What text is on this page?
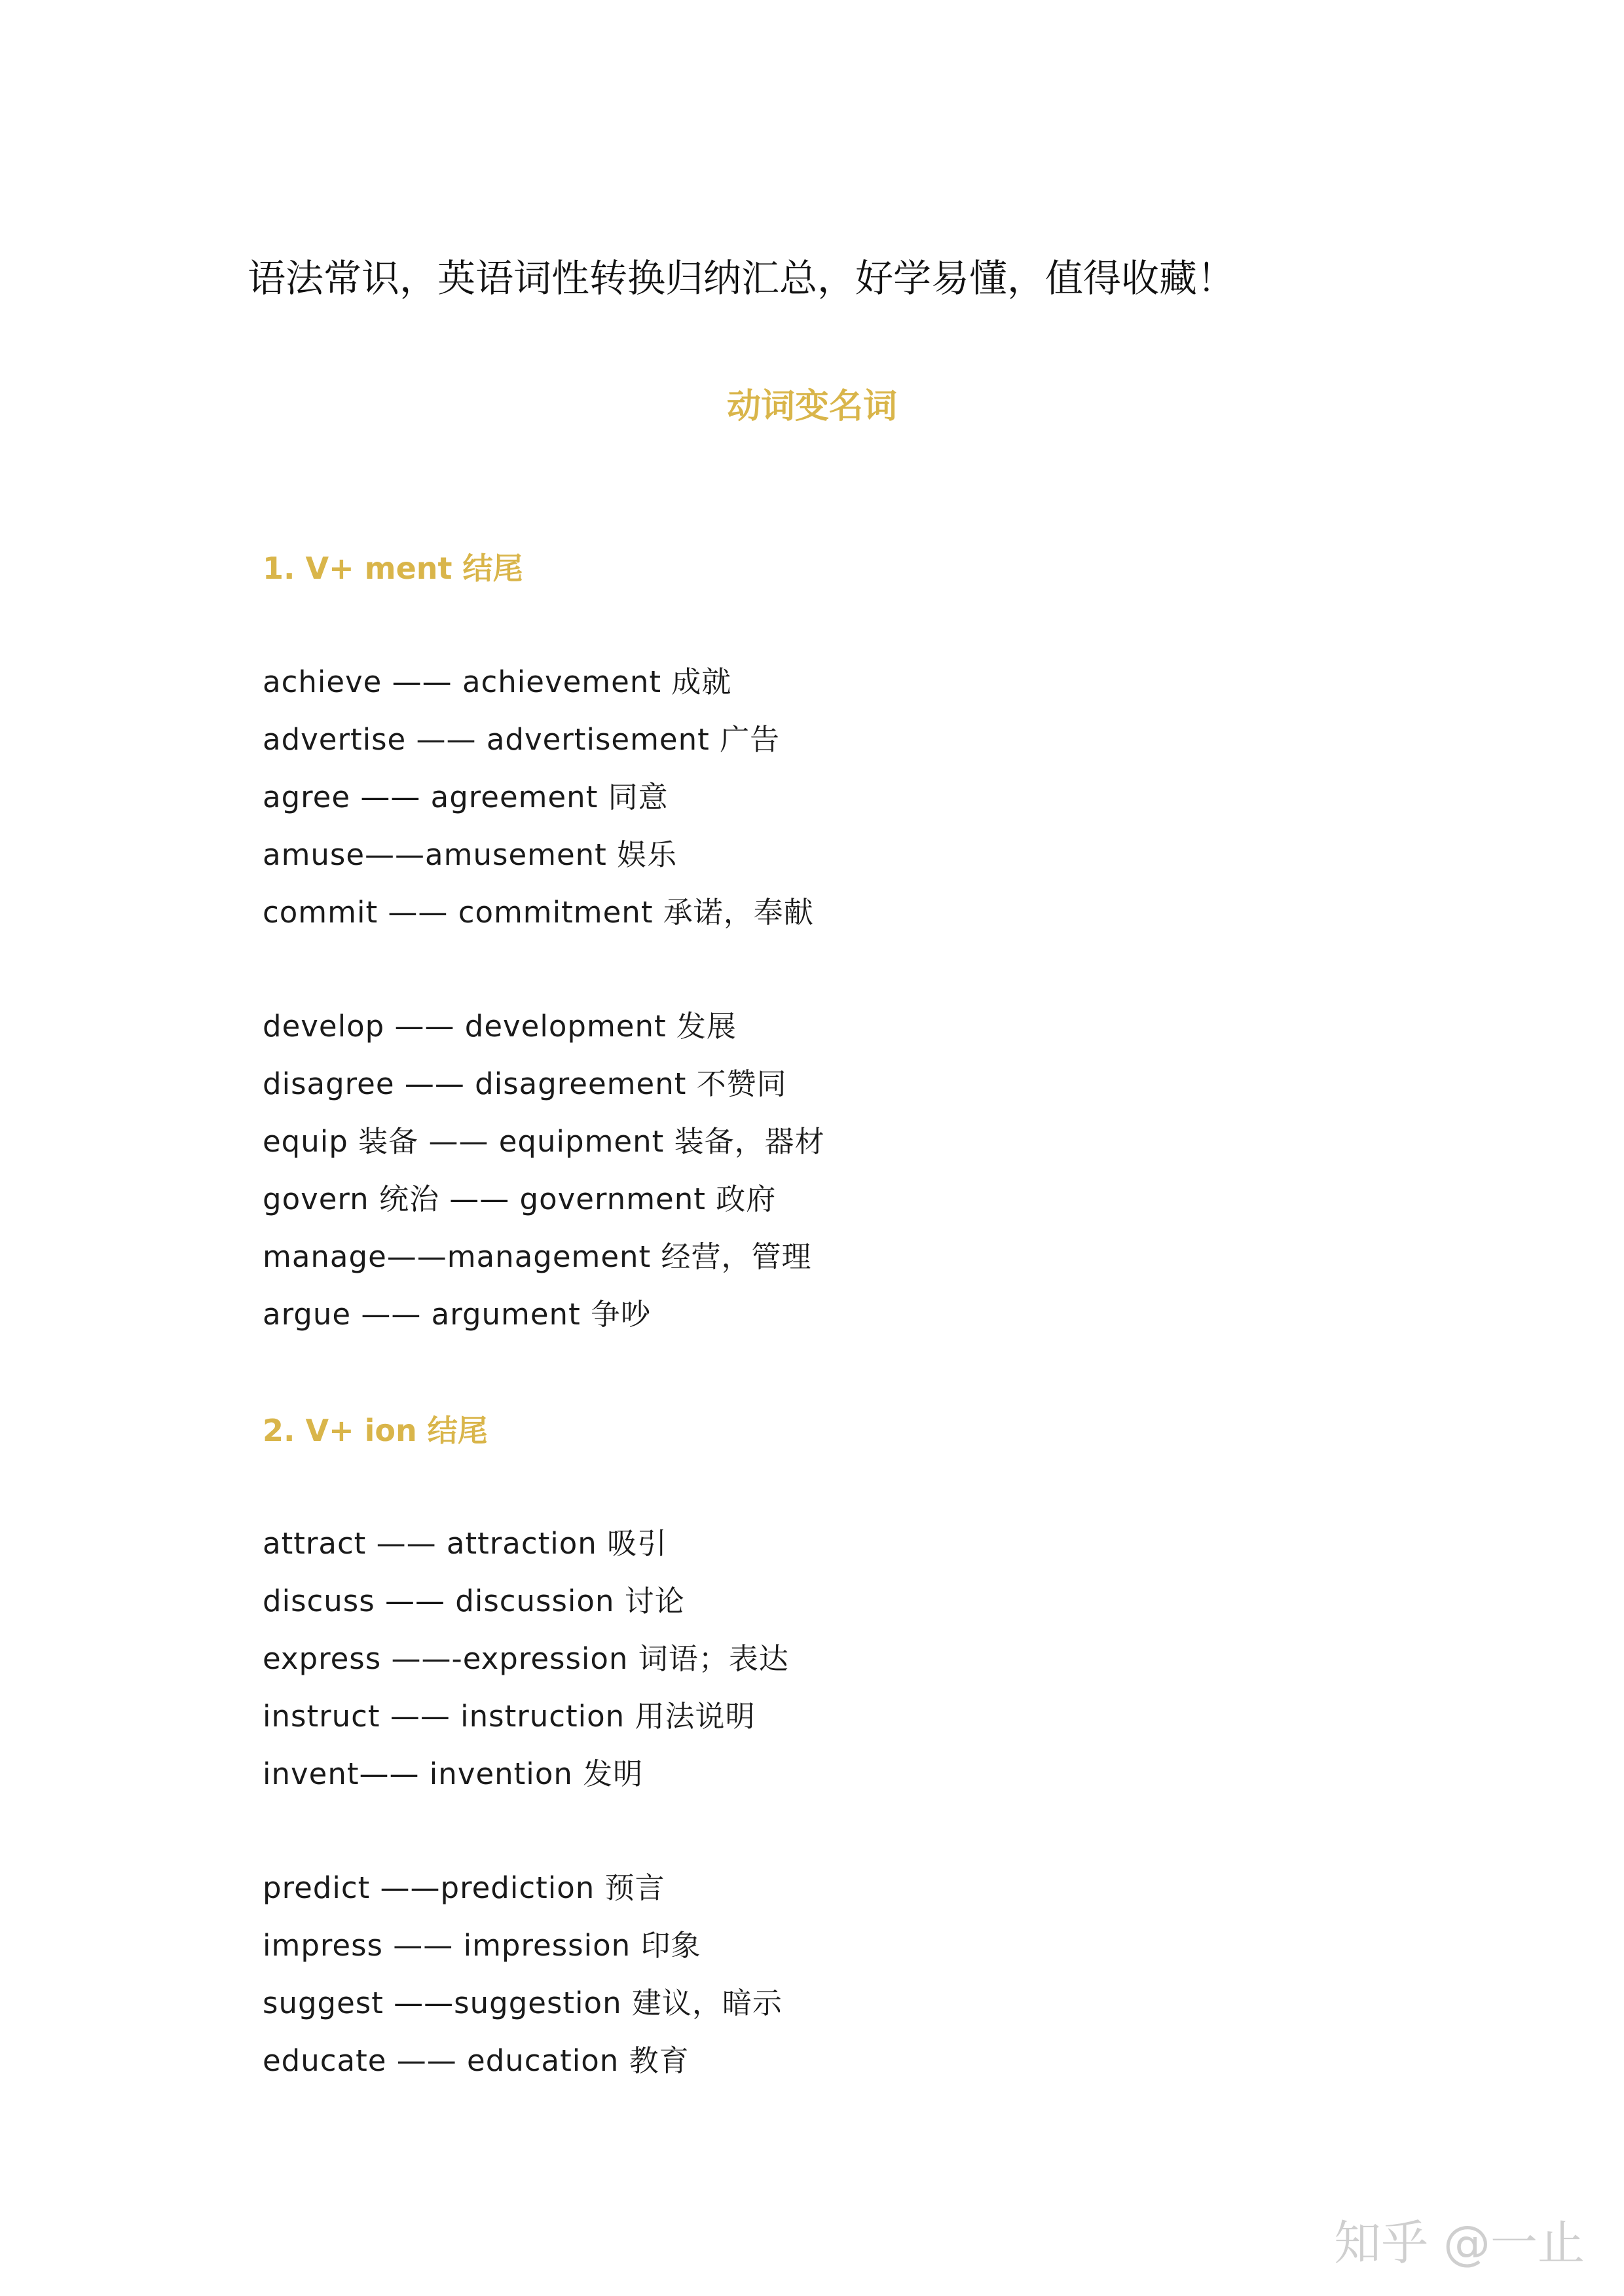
语法常识，英语词性转换归纳汇总，好学易懂，值得收藏！
动词变名词
1. V+ ment 结尾
achieve —— achievement 成就
advertise —— advertisement 广告
agree —— agreement 同意
amuse——amusement 娱乐
commit —— commitment 承诺，奉献
develop —— development 发展
disagree —— disagreement 不赞同
equip 装备 —— equipment 装备，器材
govern 统治 —— government 政府
manage——management 经营，管理
argue —— argument 争吵
2. V+ ion 结尾
attract —— attraction 吸引
discuss —— discussion 讨论
express ——-expression 词语；表达
instruct —— instruction 用法说明
invent—— invention 发明
predict ——prediction 预言
impress —— impression 印象
suggest ——suggestion 建议，暗示
educate —— education 教育
知乎 @一止
